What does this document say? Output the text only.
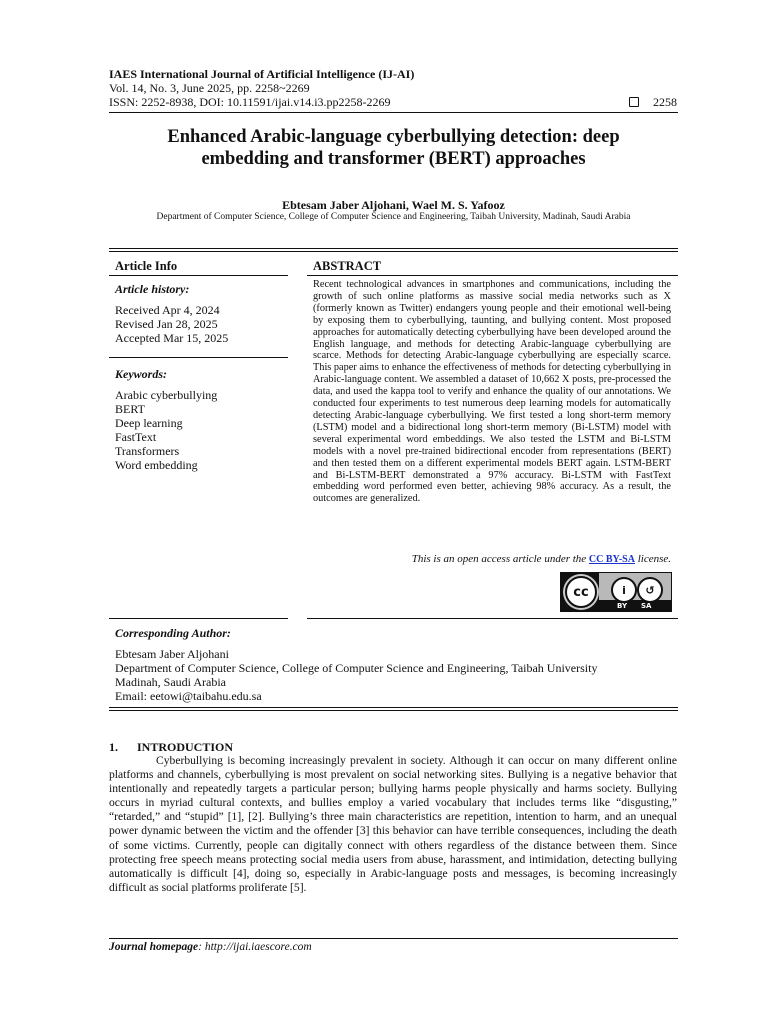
IAES International Journal of Artificial Intelligence (IJ-AI)
Vol. 14, No. 3, June 2025, pp. 2258~2269
ISSN: 2252-8938, DOI: 10.11591/ijai.v14.i3.pp2258-2269	2258
Enhanced Arabic-language cyberbullying detection: deep
embedding and transformer (BERT) approaches
Ebtesam Jaber Aljohani, Wael M. S. Yafooz
Department of Computer Science, College of Computer Science and Engineering, Taibah University, Madinah, Saudi Arabia
Article Info	ABSTRACT
Article history:
Received Apr 4, 2024
Revised Jan 28, 2025
Accepted Mar 15, 2025
Keywords:
Arabic cyberbullying
BERT
Deep learning
FastText
Transformers
Word embedding
Recent technological advances in smartphones and communications, including the growth of such online platforms as massive social media networks such as X (formerly known as Twitter) endangers young people and their emotional well-being by exposing them to cyberbullying, taunting, and bullying content. Most proposed approaches for automatically detecting cyberbullying have been developed around the English language, and methods for detecting Arabic-language cyberbullying are scarce. Methods for detecting Arabic-language cyberbullying are especially scarce. This paper aims to enhance the effectiveness of methods for detecting cyberbullying in Arabic-language content. We assembled a dataset of 10,662 X posts, pre-processed the data, and used the kappa tool to verify and enhance the quality of our annotations. We conducted four experiments to test numerous deep learning models for automatically detecting Arabic-language cyberbullying. We first tested a long short-term memory (LSTM) model and a bidirectional long short-term memory (Bi-LSTM) model with several experimental word embeddings. We also tested the LSTM and Bi-LSTM models with a novel pre-trained bidirectional encoder from representations (BERT) and then tested them on a different experimental models BERT again. LSTM-BERT and Bi-LSTM-BERT demonstrated a 97% accuracy. Bi-LSTM with FastText embedding word performed even better, achieving 98% accuracy. As a result, the outcomes are generalized.
This is an open access article under the CC BY-SA license.
cc	i	↺
BY SA
Corresponding Author:
Ebtesam Jaber Aljohani
Department of Computer Science, College of Computer Science and Engineering, Taibah University
Madinah, Saudi Arabia
Email: eetowi@taibahu.edu.sa
1. INTRODUCTION
Cyberbullying is becoming increasingly prevalent in society. Although it can occur on many different online platforms and channels, cyberbullying is most prevalent on social networking sites. Bullying is a negative behavior that intentionally and repeatedly targets a particular person; bullying harms people physically and harms society. Bullying occurs in myriad cultural contexts, and bullies employ a varied vocabulary that includes terms like “disgusting,” “retarded,” and “stupid” [1], [2]. Bullying’s three main characteristics are repetition, intention to harm, and an unequal power dynamic between the victim and the offender [3] this behavior can have terrible consequences, including the death of some victims. Currently, people can digitally connect with others regardless of the distance between them. Since protecting free speech means protecting social media users from abuse, harassment, and intimidation, detecting bullying automatically is difficult [4], doing so, especially in Arabic-language posts and messages, is becoming increasingly difficult as social platforms proliferate [5].
Journal homepage: http://ijai.iaescore.com
